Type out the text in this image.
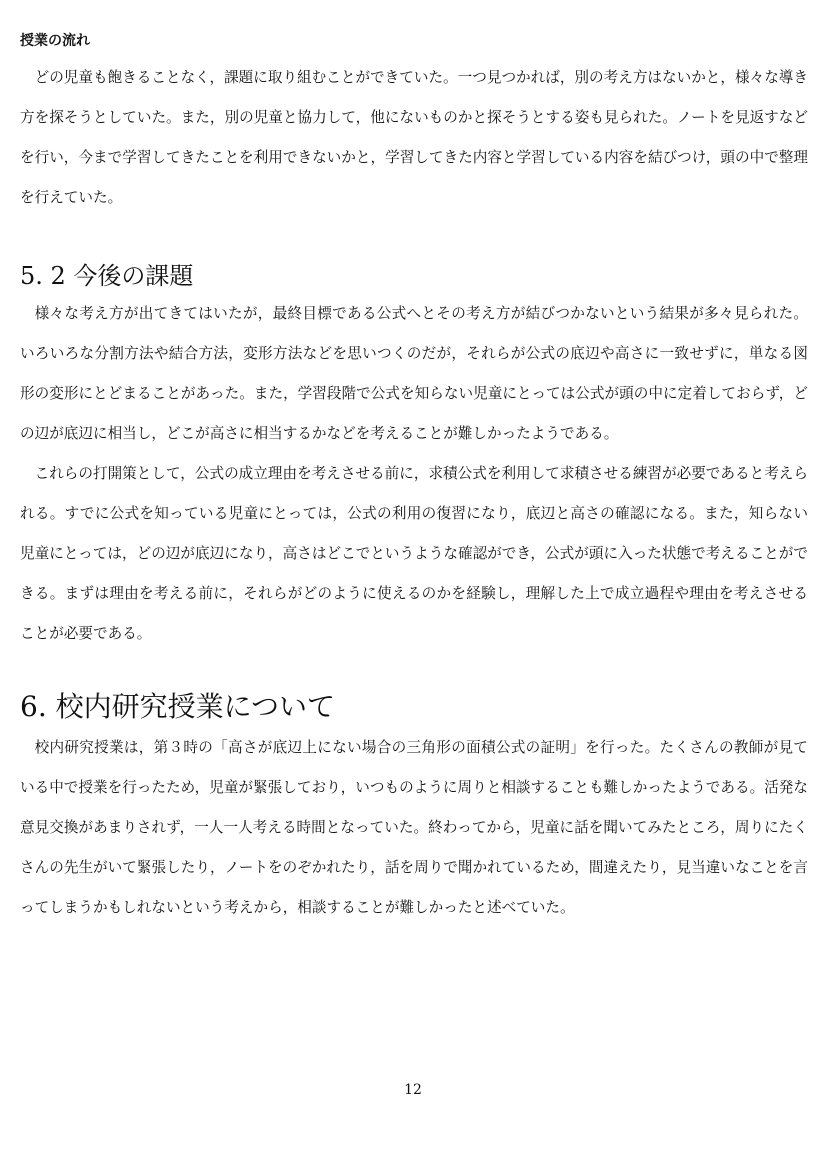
授業の流れ

どの児童も飽きることなく，課題に取り組むことができていた。一つ見つかれば，別の考え方はないかと，様々な導き方を探そうとしていた。また，別の児童と協力して，他にないものかと探そうとする姿も見られた。ノートを見返すなどを行い，今まで学習してきたことを利用できないかと，学習してきた内容と学習している内容を結びつけ，頭の中で整理を行えていた。

5. 2 今後の課題

様々な考え方が出てきてはいたが，最終目標である公式へとその考え方が結びつかないという結果が多々見られた。いろいろな分割方法や結合方法，変形方法などを思いつくのだが，それらが公式の底辺や高さに一致せずに，単なる図形の変形にとどまることがあった。また，学習段階で公式を知らない児童にとっては公式が頭の中に定着しておらず，どの辺が底辺に相当し，どこが高さに相当するかなどを考えることが難しかったようである。

これらの打開策として，公式の成立理由を考えさせる前に，求積公式を利用して求積させる練習が必要であると考えられる。すでに公式を知っている児童にとっては，公式の利用の復習になり，底辺と高さの確認になる。また，知らない児童にとっては，どの辺が底辺になり，高さはどこでというような確認ができ，公式が頭に入った状態で考えることができる。まずは理由を考える前に，それらがどのように使えるのかを経験し，理解した上で成立過程や理由を考えさせることが必要である。

6. 校内研究授業について

校内研究授業は，第３時の「高さが底辺上にない場合の三角形の面積公式の証明」を行った。たくさんの教師が見ている中で授業を行ったため，児童が緊張しており，いつものように周りと相談することも難しかったようである。活発な意見交換があまりされず，一人一人考える時間となっていた。終わってから，児童に話を聞いてみたところ，周りにたくさんの先生がいて緊張したり，ノートをのぞかれたり，話を周りで聞かれているため，間違えたり，見当違いなことを言ってしまうかもしれないという考えから，相談することが難しかったと述べていた。

12
